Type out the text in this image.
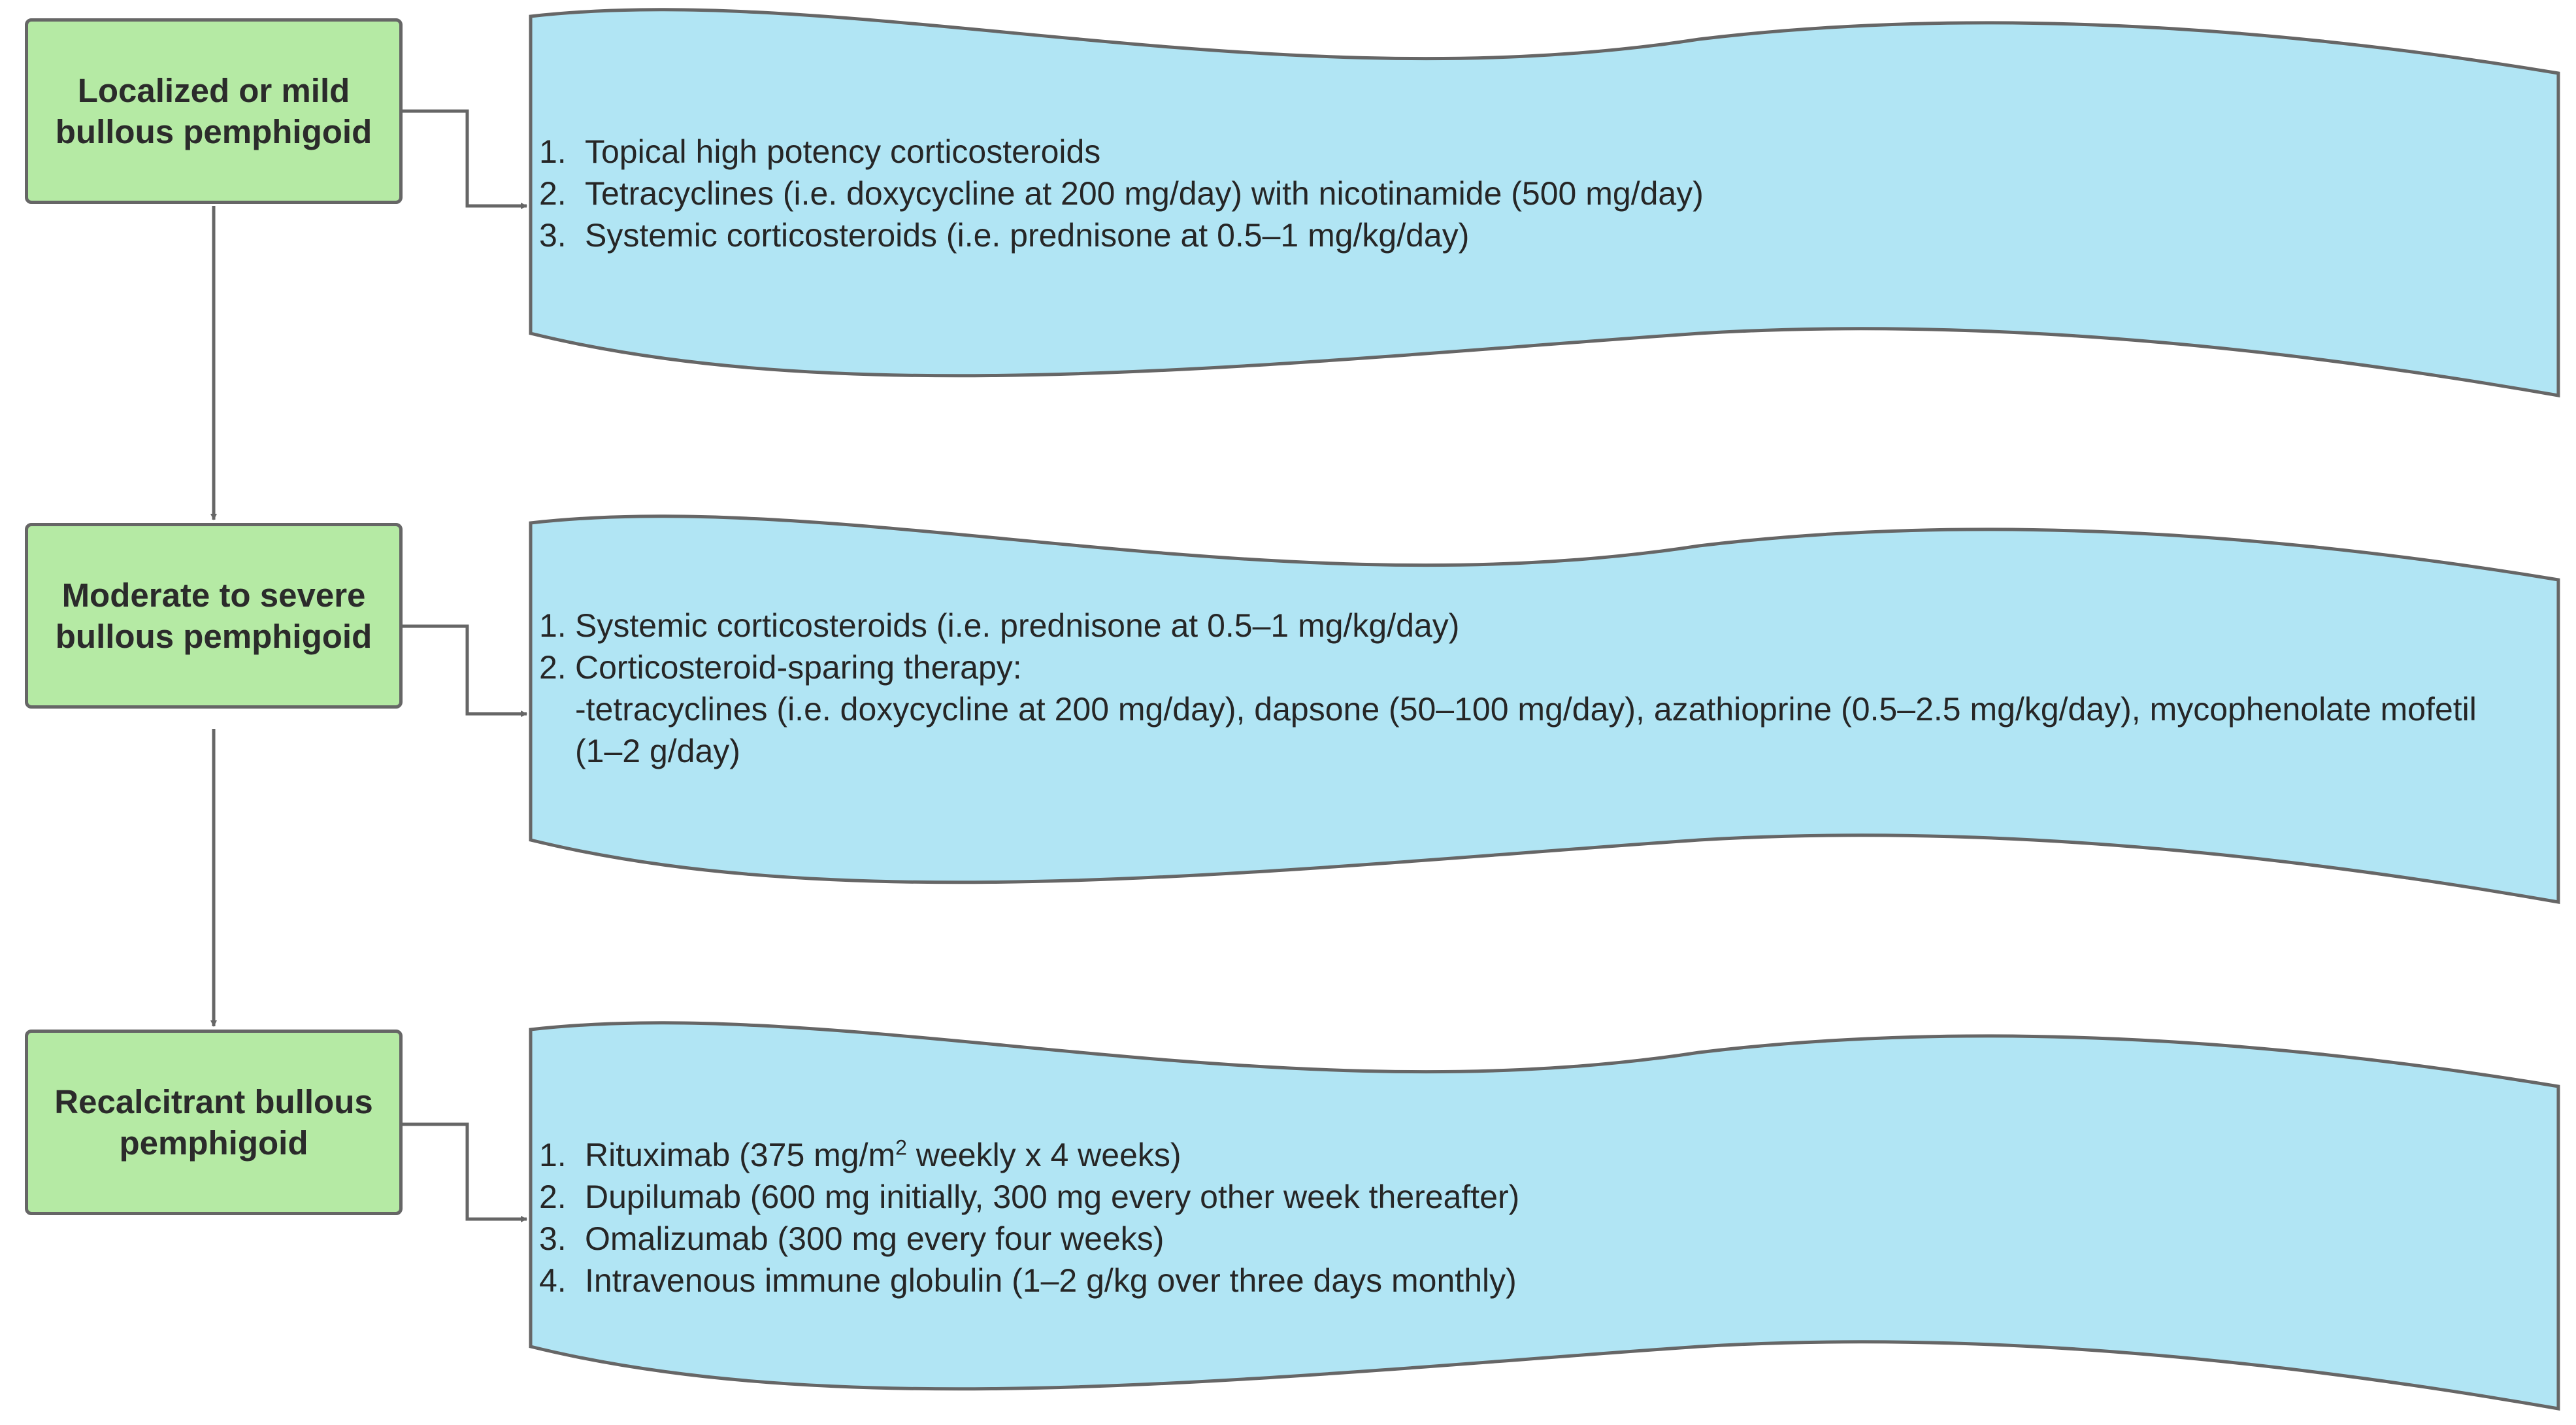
Localized or mild bullous pemphigoid
Moderate to severe bullous pemphigoid
Recalcitrant bullous pemphigoid
1. Topical high potency corticosteroids
2. Tetracyclines (i.e. doxycycline at 200 mg/day) with nicotinamide (500 mg/day)
3. Systemic corticosteroids (i.e. prednisone at 0.5–1 mg/kg/day)
1. Systemic corticosteroids (i.e. prednisone at 0.5–1 mg/kg/day)
2. Corticosteroid-sparing therapy:
-tetracyclines (i.e. doxycycline at 200 mg/day), dapsone (50–100 mg/day), azathioprine (0.5–2.5 mg/kg/day), mycophenolate mofetil (1–2 g/day)
1. Rituximab (375 $mg/m^2$ weekly x 4 weeks)
2. Dupilumab (600 mg initially, 300 mg every other week thereafter)
3. Omalizumab (300 mg every four weeks)
4. Intravenous immune globulin (1–2 g/kg over three days monthly)
